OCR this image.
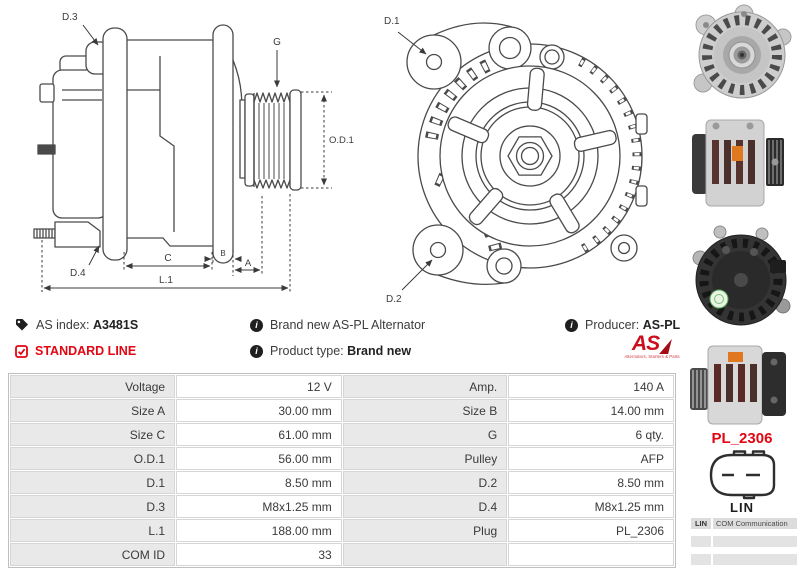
D.3
G
O.D.1
D.4
C	B
A
L.1
D.1
D.2
AS index: A3481S	i Brand new AS-PL Alternator	i Producer: AS-PL
STANDARD LINE	i Product type: Brand new	AS
Alternators, Starters & Parts
Voltage	12 V	Amp.	140 A
Size A	30.00 mm	Size B	14.00 mm
Size C	61.00 mm	G	6 qty.
O.D.1	56.00 mm	Pulley	AFP
D.1	8.50 mm	D.2	8.50 mm
D.3	M8x1.25 mm	D.4	M8x1.25 mm
L.1	188.00 mm	Plug	PL_2306
COM ID	33		
PL_2306
LIN
LIN	COM Communication
